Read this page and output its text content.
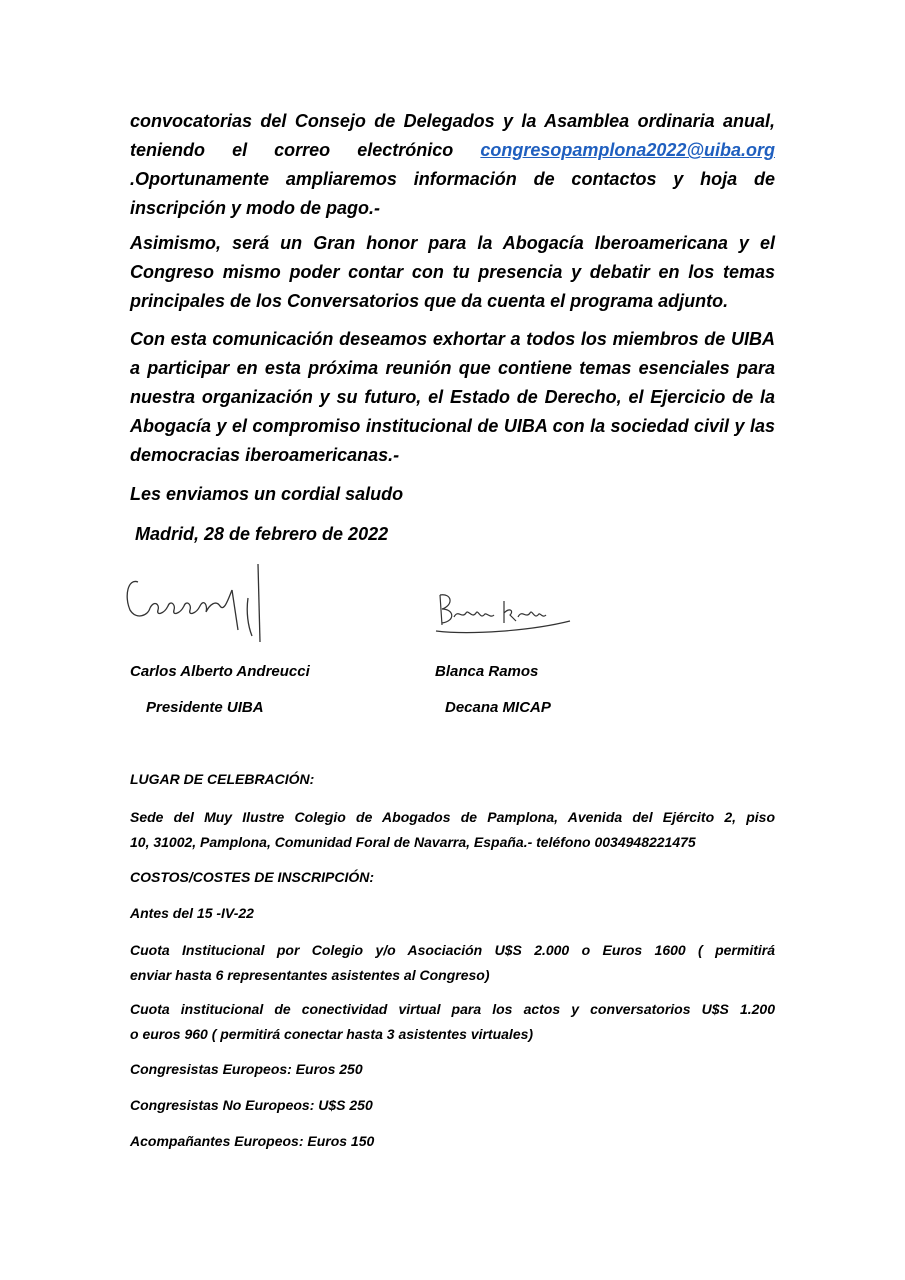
convocatorias del Consejo de Delegados y la Asamblea ordinaria anual,
teniendo el correo electrónico congresopamplona2022@uiba.org
.Oportunamente ampliaremos información de contactos y hoja de
inscripción y modo de pago.-
Asimismo, será un Gran honor para la Abogacía Iberoamericana y el
Congreso mismo poder contar con tu presencia y debatir en los temas
principales de los Conversatorios que da cuenta el programa adjunto.
Con esta comunicación deseamos exhortar a todos los miembros de UIBA
a participar en esta próxima reunión que contiene temas esenciales para
nuestra organización y su futuro, el Estado de Derecho, el Ejercicio de la
Abogacía y el compromiso institucional de UIBA con la sociedad civil y las
democracias iberoamericanas.-
Les enviamos un cordial saludo
Madrid, 28 de febrero de 2022
Carlos Alberto Andreucci
Presidente UIBA
Blanca Ramos
Decana MICAP
LUGAR DE CELEBRACIÓN:
Sede del Muy Ilustre Colegio de Abogados de Pamplona, Avenida del Ejército 2, piso
10, 31002, Pamplona, Comunidad Foral de Navarra, España.- teléfono 0034948221475
COSTOS/COSTES DE INSCRIPCIÓN:
Antes del 15 -IV-22
Cuota Institucional por Colegio y/o Asociación U$S 2.000 o Euros 1600 ( permitirá
enviar hasta 6 representantes asistentes al Congreso)
Cuota institucional de conectividad virtual para los actos y conversatorios U$S 1.200
o euros 960 ( permitirá conectar hasta 3 asistentes virtuales)
Congresistas Europeos: Euros 250
Congresistas No Europeos: U$S 250
Acompañantes Europeos: Euros 150
